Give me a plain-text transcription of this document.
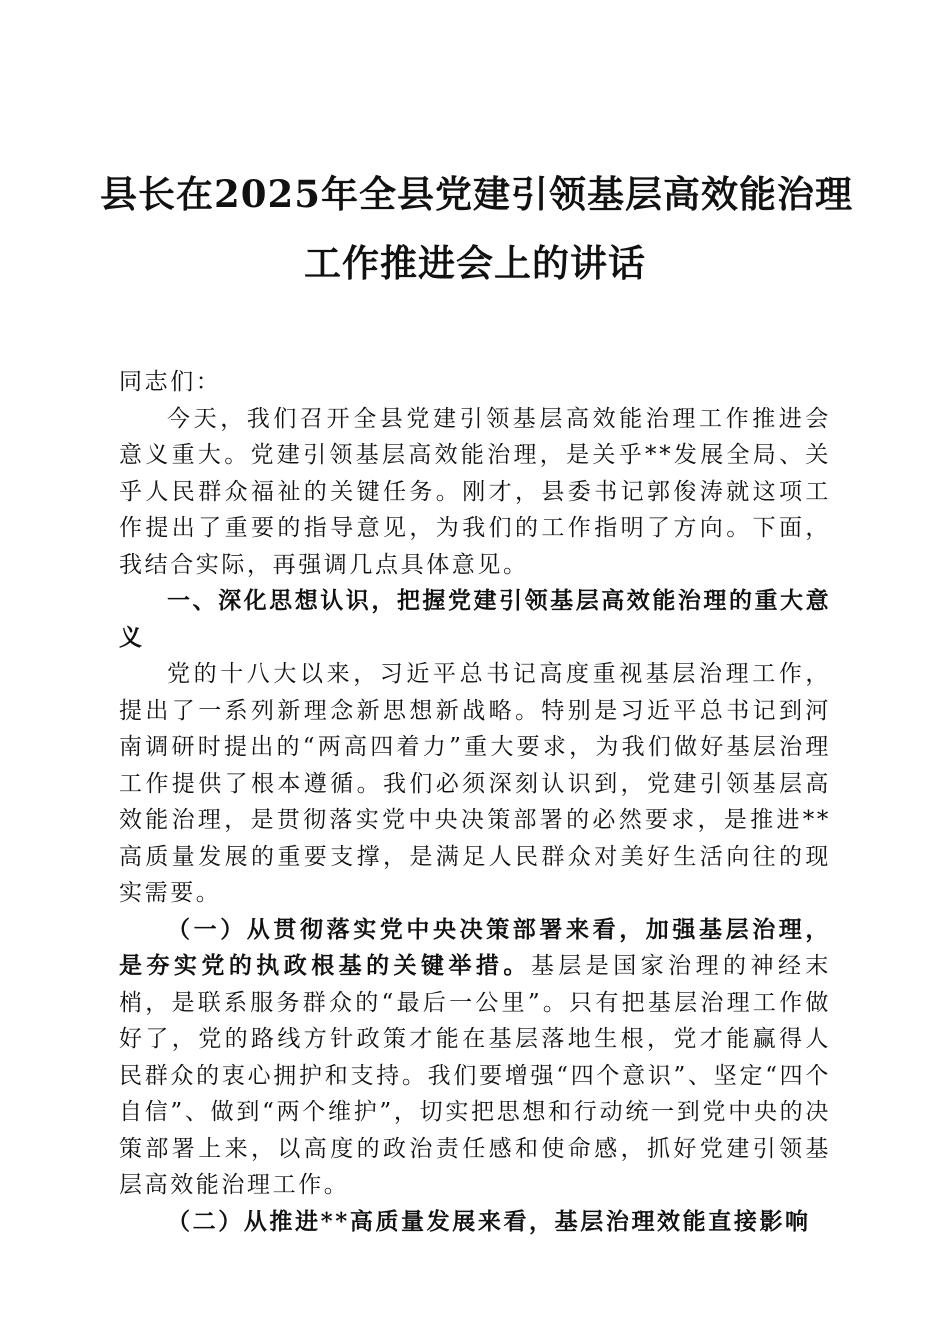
县长在2025年全县党建引领基层高效能治理
工作推进会上的讲话

同志们：

今天，我们召开全县党建引领基层高效能治理工作推进会意义重大。党建引领基层高效能治理，是关乎**发展全局、关乎人民群众福祉的关键任务。刚才，县委书记郭俊涛就这项工作提出了重要的指导意见，为我们的工作指明了方向。下面，我结合实际，再强调几点具体意见。

一、深化思想认识，把握党建引领基层高效能治理的重大意义

党的十八大以来，习近平总书记高度重视基层治理工作，提出了一系列新理念新思想新战略。特别是习近平总书记到河南调研时提出的“两高四着力”重大要求，为我们做好基层治理工作提供了根本遵循。我们必须深刻认识到，党建引领基层高效能治理，是贯彻落实党中央决策部署的必然要求，是推进**高质量发展的重要支撑，是满足人民群众对美好生活向往的现实需要。

（一）从贯彻落实党中央决策部署来看，加强基层治理，是夯实党的执政根基的关键举措。基层是国家治理的神经末梢，是联系服务群众的“最后一公里”。只有把基层治理工作做好了，党的路线方针政策才能在基层落地生根，党才能赢得人民群众的衷心拥护和支持。我们要增强“四个意识”、坚定“四个自信”、做到“两个维护”，切实把思想和行动统一到党中央的决策部署上来，以高度的政治责任感和使命感，抓好党建引领基层高效能治理工作。

（二）从推进**高质量发展来看，基层治理效能直接影响
